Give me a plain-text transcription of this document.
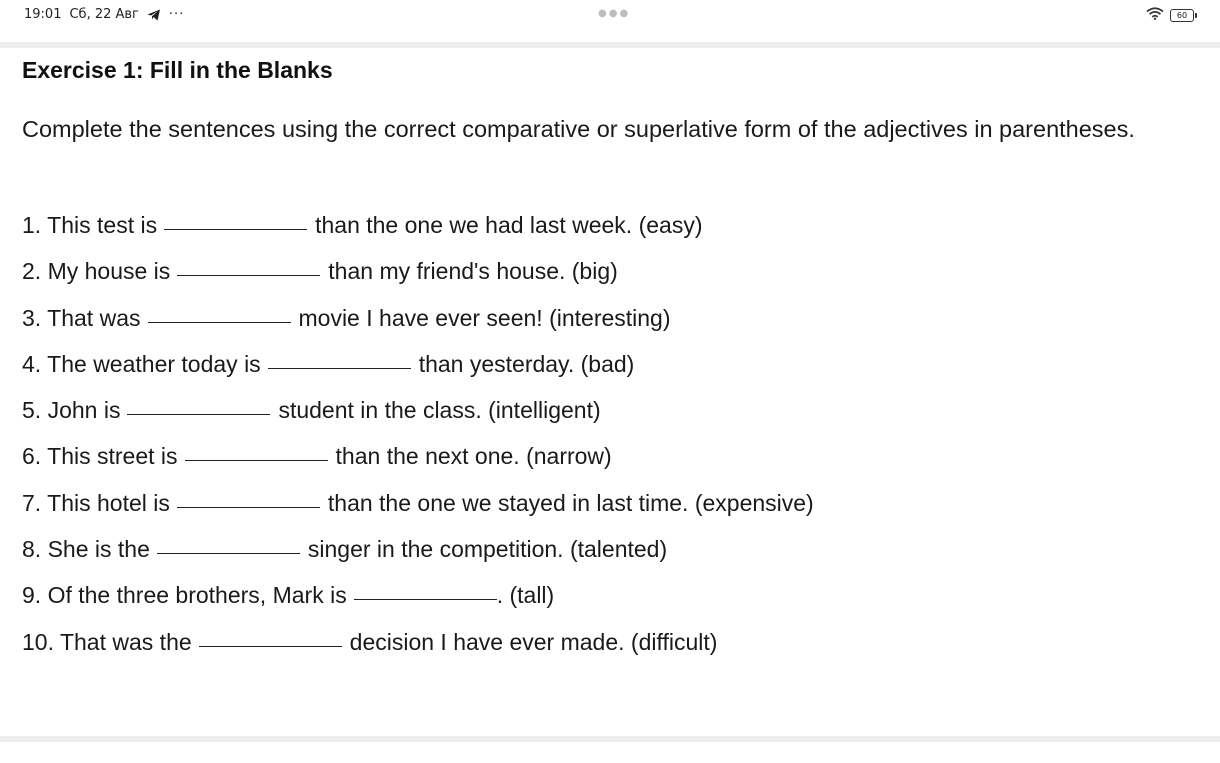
19:01 Сб, 22 Авг ···	●●●	60
Exercise 1: Fill in the Blanks
Complete the sentences using the correct comparative or superlative form of the adjectives in parentheses.
1. This test is	than the one we had last week. (easy)
2. My house is	than my friend's house. (big)
3. That was	movie I have ever seen! (interesting)
4. The weather today is	than yesterday. (bad)
5. John is	student in the class. (intelligent)
6. This street is	than the next one. (narrow)
7. This hotel is	than the one we stayed in last time. (expensive)
8. She is the	singer in the competition. (talented)
9. Of the three brothers, Mark is	. (tall)
10. That was the	decision I have ever made. (difficult)
